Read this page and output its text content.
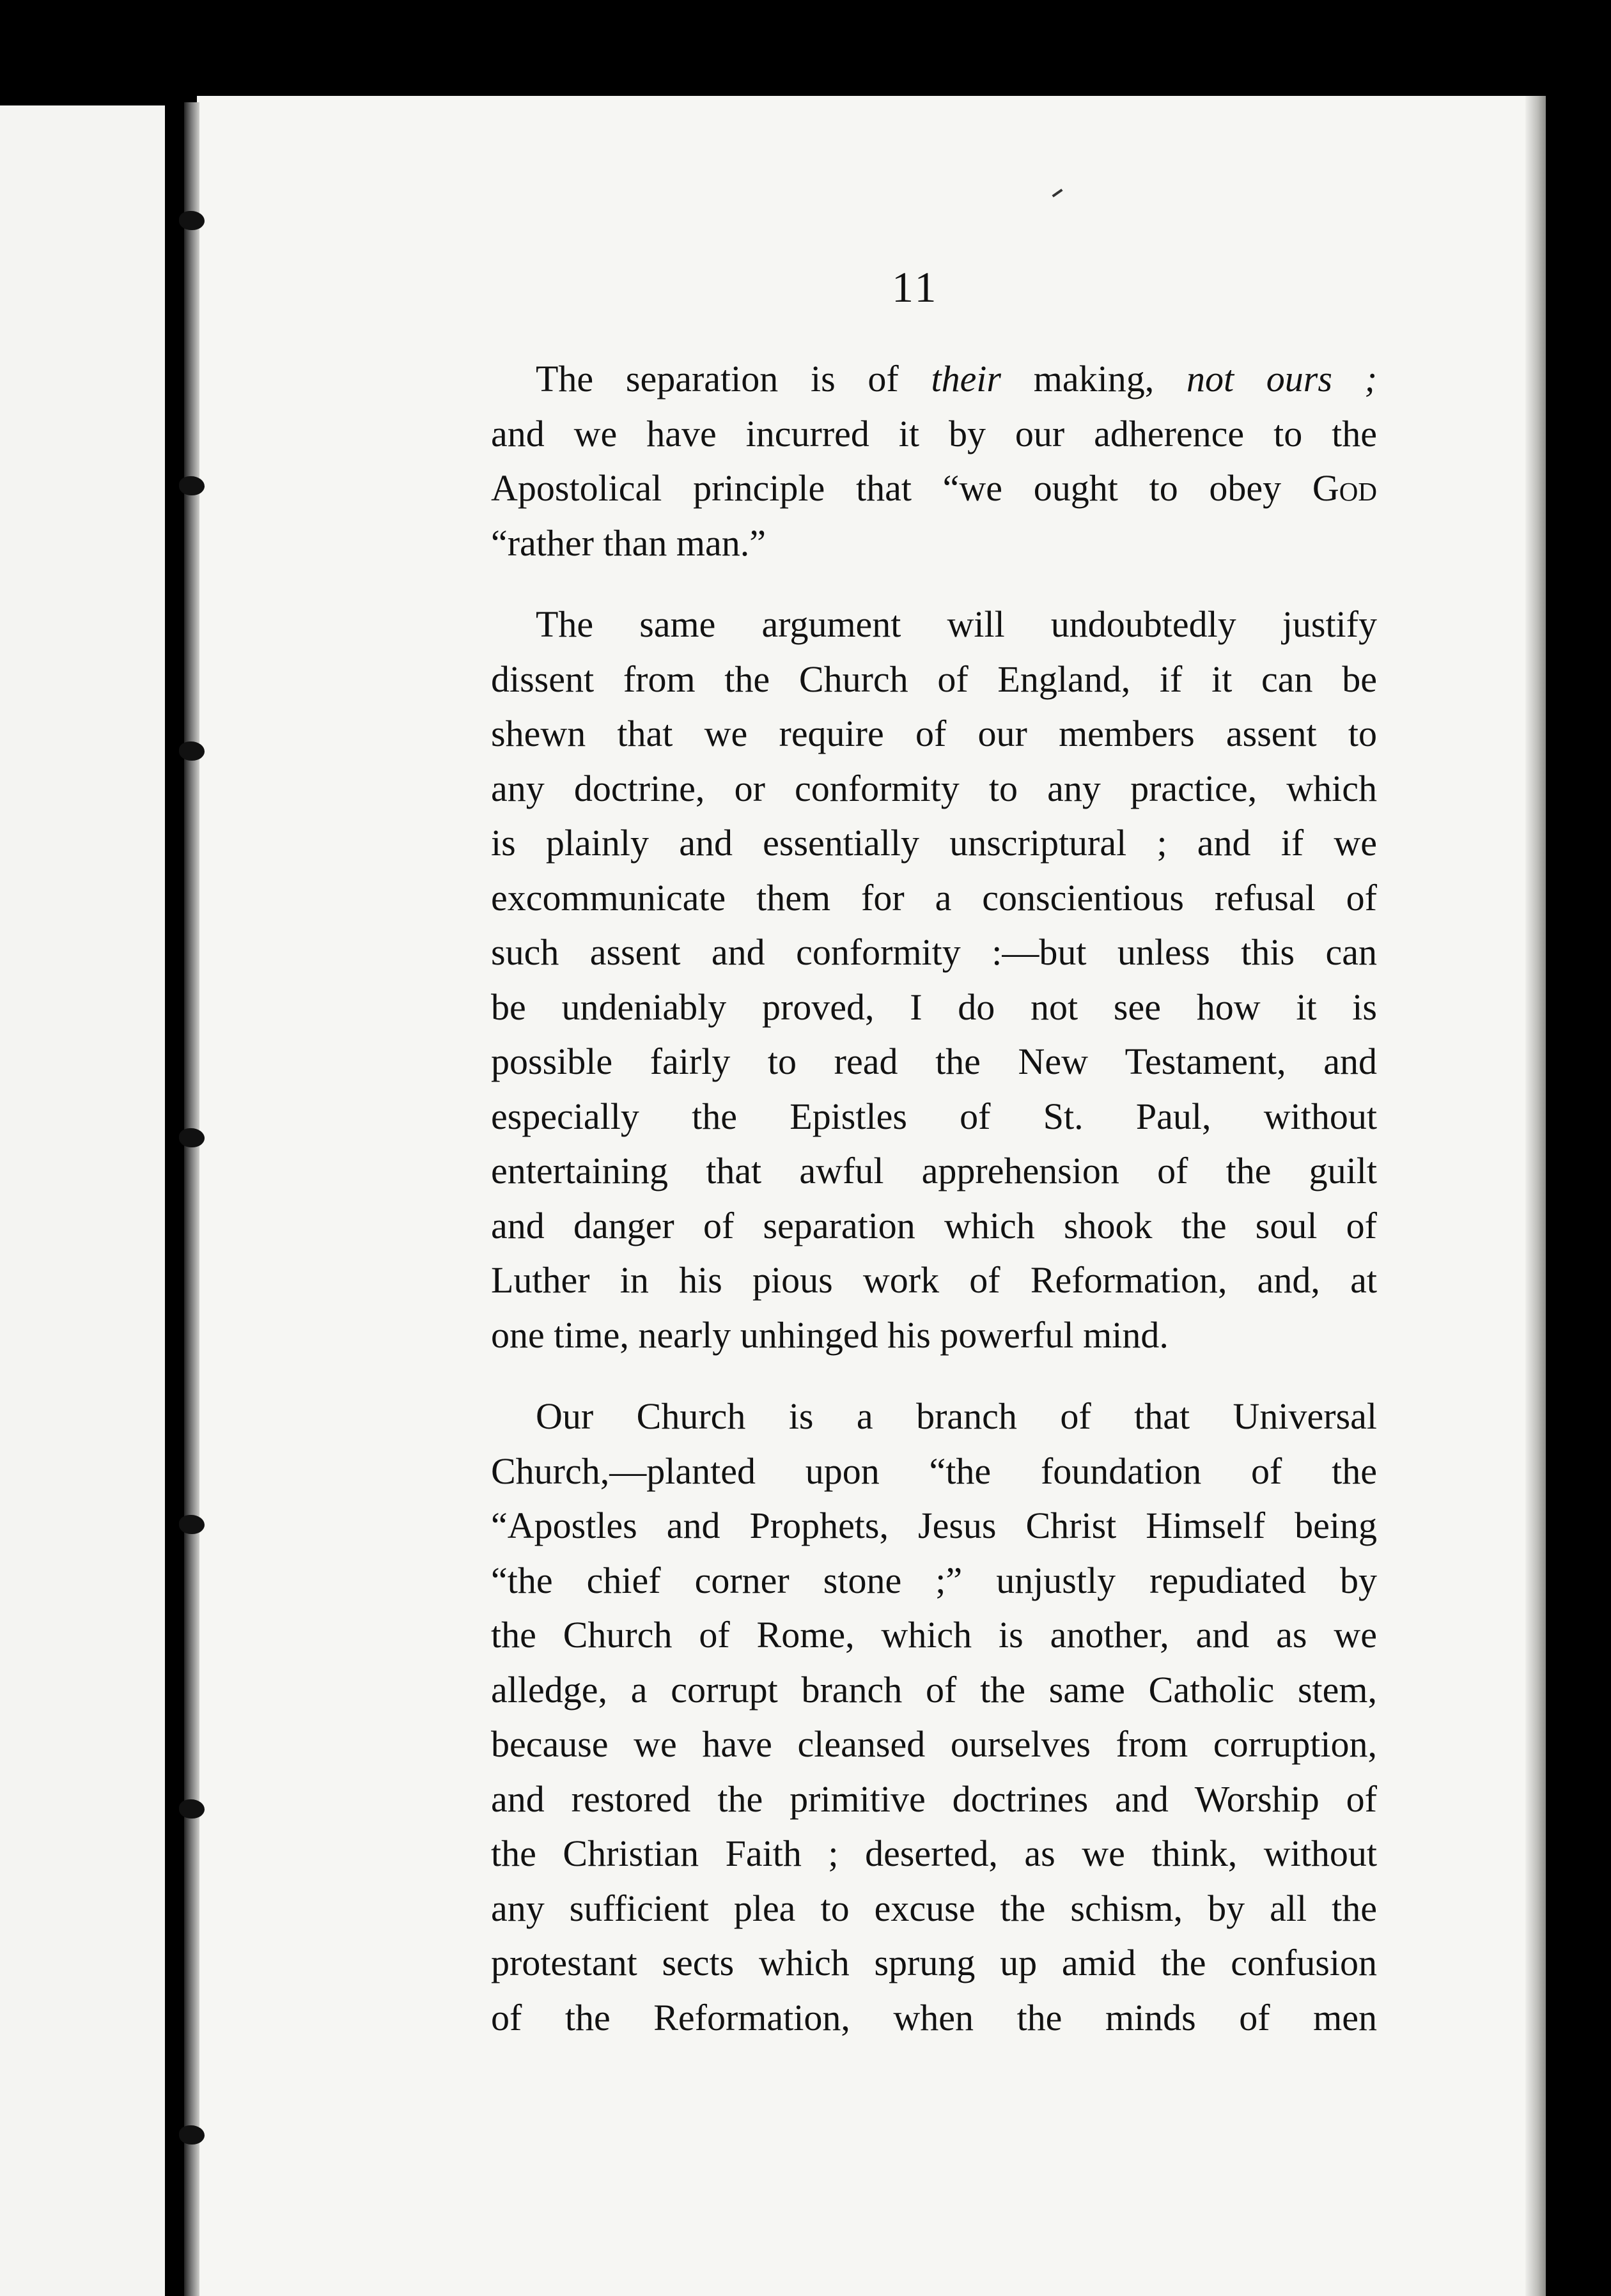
11

The separation is of their making, not ours ;
and we have incurred it by our adherence to the
Apostolical principle that “we ought to obey God
“rather than man.”

The same argument will undoubtedly justify
dissent from the Church of England, if it can be
shewn that we require of our members assent to
any doctrine, or conformity to any practice, which
is plainly and essentially unscriptural ; and if we
excommunicate them for a conscientious refusal of
such assent and conformity :—but unless this can
be undeniably proved, I do not see how it is
possible fairly to read the New Testament, and
especially the Epistles of St. Paul, without
entertaining that awful apprehension of the guilt
and danger of separation which shook the soul of
Luther in his pious work of Reformation, and, at
one time, nearly unhinged his powerful mind.

Our Church is a branch of that Universal
Church,—planted upon “the foundation of the
“Apostles and Prophets, Jesus Christ Himself being
“the chief corner stone ;” unjustly repudiated by
the Church of Rome, which is another, and as we
alledge, a corrupt branch of the same Catholic stem,
because we have cleansed ourselves from corruption,
and restored the primitive doctrines and Worship of
the Christian Faith ; deserted, as we think, without
any sufficient plea to excuse the schism, by all the
protestant sects which sprung up amid the confusion
of the Reformation, when the minds of men
